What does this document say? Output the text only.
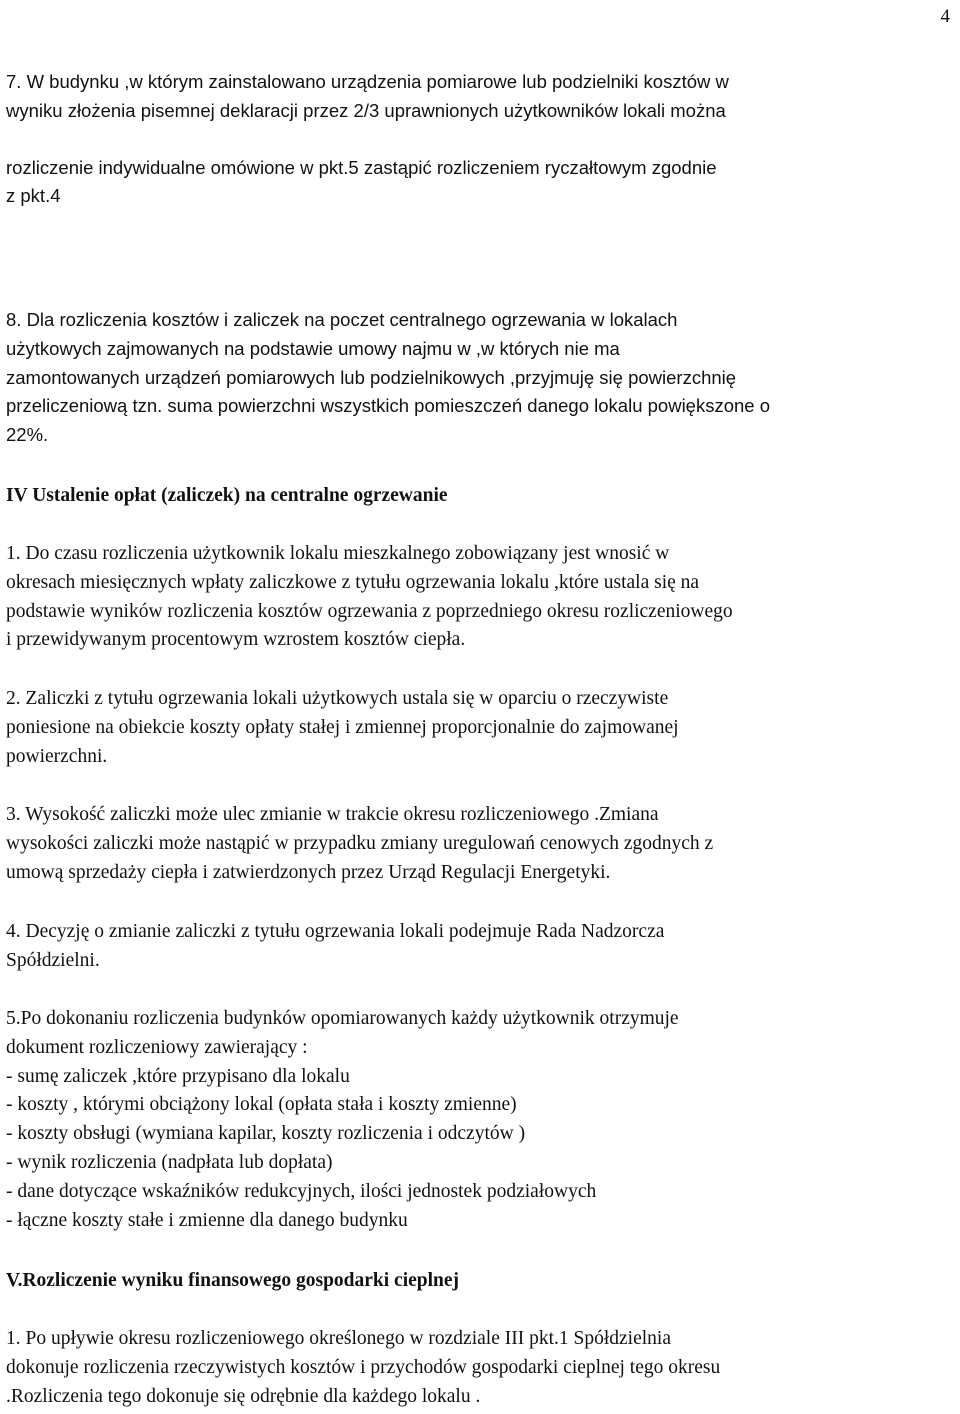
4
7. W budynku ,w którym zainstalowano urządzenia pomiarowe lub podzielniki kosztów w
wyniku złożenia pisemnej deklaracji przez 2/3 uprawnionych użytkowników lokali można
rozliczenie indywidualne omówione w pkt.5 zastąpić rozliczeniem ryczałtowym zgodnie
z pkt.4
8. Dla rozliczenia kosztów i zaliczek na poczet centralnego ogrzewania w lokalach
użytkowych zajmowanych na podstawie umowy najmu w ,w których nie ma
zamontowanych urządzeń pomiarowych lub podzielnikowych ,przyjmuję się powierzchnię
przeliczeniową tzn. suma powierzchni wszystkich pomieszczeń danego lokalu powiększone o
22%.
IV Ustalenie opłat (zaliczek) na centralne ogrzewanie
1. Do czasu rozliczenia użytkownik lokalu mieszkalnego zobowiązany jest wnosić w
okresach miesięcznych wpłaty zaliczkowe z tytułu ogrzewania lokalu ,które ustala się na
podstawie wyników rozliczenia kosztów ogrzewania z poprzedniego okresu rozliczeniowego
i przewidywanym procentowym wzrostem kosztów ciepła.
2. Zaliczki z tytułu ogrzewania lokali użytkowych ustala się w oparciu o rzeczywiste
poniesione na obiekcie koszty opłaty stałej i zmiennej proporcjonalnie do zajmowanej
powierzchni.
3. Wysokość zaliczki może ulec zmianie w trakcie okresu rozliczeniowego .Zmiana
wysokości zaliczki może nastąpić w przypadku zmiany uregulowań cenowych zgodnych z
umową sprzedaży ciepła i zatwierdzonych przez Urząd Regulacji Energetyki.
4. Decyzję o zmianie zaliczki z tytułu ogrzewania lokali podejmuje Rada Nadzorcza
Spółdzielni.
5.Po dokonaniu rozliczenia budynków opomiarowanych każdy użytkownik otrzymuje
dokument rozliczeniowy zawierający :
- sumę zaliczek ,które przypisano dla lokalu
- koszty , którymi obciążony lokal (opłata stała i koszty zmienne)
- koszty obsługi (wymiana kapilar, koszty rozliczenia i odczytów )
- wynik rozliczenia (nadpłata lub dopłata)
- dane dotyczące wskaźników redukcyjnych, ilości jednostek podziałowych
- łączne koszty stałe i zmienne dla danego budynku
V.Rozliczenie wyniku finansowego gospodarki cieplnej
1. Po upływie okresu rozliczeniowego określonego w rozdziale III pkt.1 Spółdzielnia
dokonuje rozliczenia rzeczywistych kosztów i przychodów gospodarki cieplnej tego okresu
.Rozliczenia tego dokonuje się odrębnie dla każdego lokalu .
